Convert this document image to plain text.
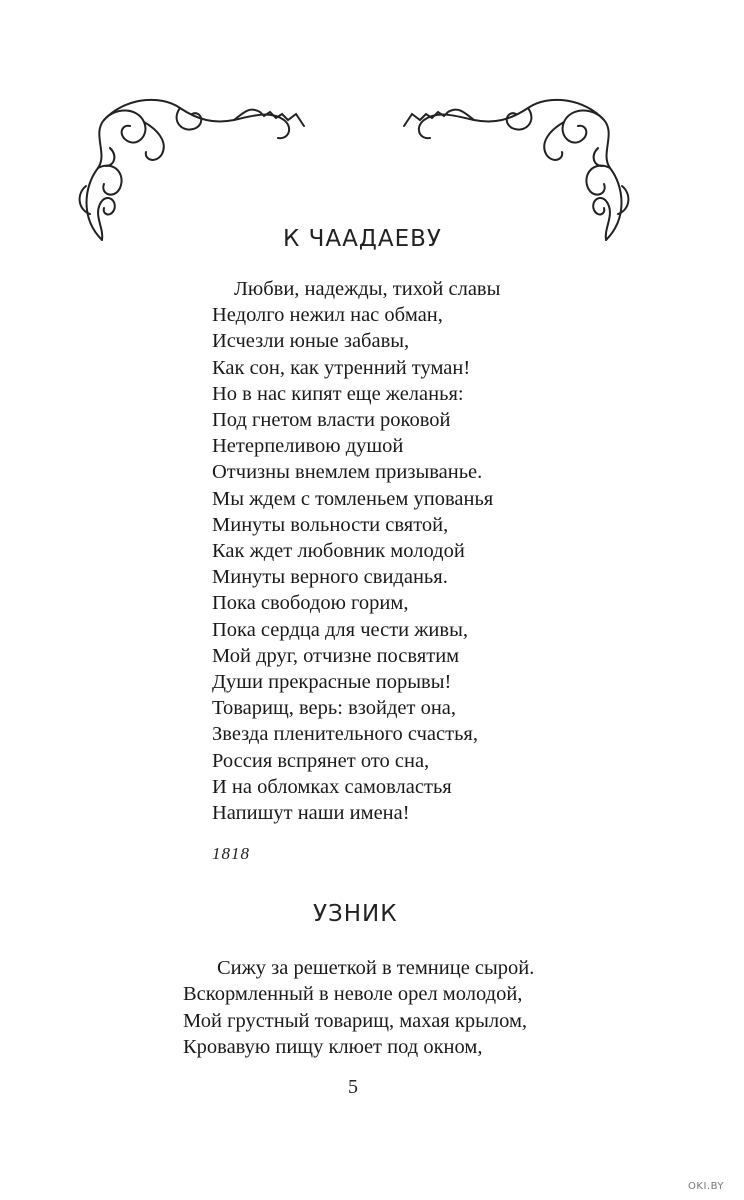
К ЧААДАЕВУ
Любви, надежды, тихой славы
Недолго нежил нас обман,
Исчезли юные забавы,
Как сон, как утренний туман!
Но в нас кипят еще желанья:
Под гнетом власти роковой
Нетерпеливою душой
Отчизны внемлем призыванье.
Мы ждем с томленьем упованья
Минуты вольности святой,
Как ждет любовник молодой
Минуты верного свиданья.
Пока свободою горим,
Пока сердца для чести живы,
Мой друг, отчизне посвятим
Души прекрасные порывы!
Товарищ, верь: взойдет она,
Звезда пленительного счастья,
Россия вспрянет ото сна,
И на обломках самовластья
Напишут наши имена!
1818
УЗНИК
Сижу за решеткой в темнице сырой.
Вскормленный в неволе орел молодой,
Мой грустный товарищ, махая крылом,
Кровавую пищу клюет под окном,
5
OKI.BY
